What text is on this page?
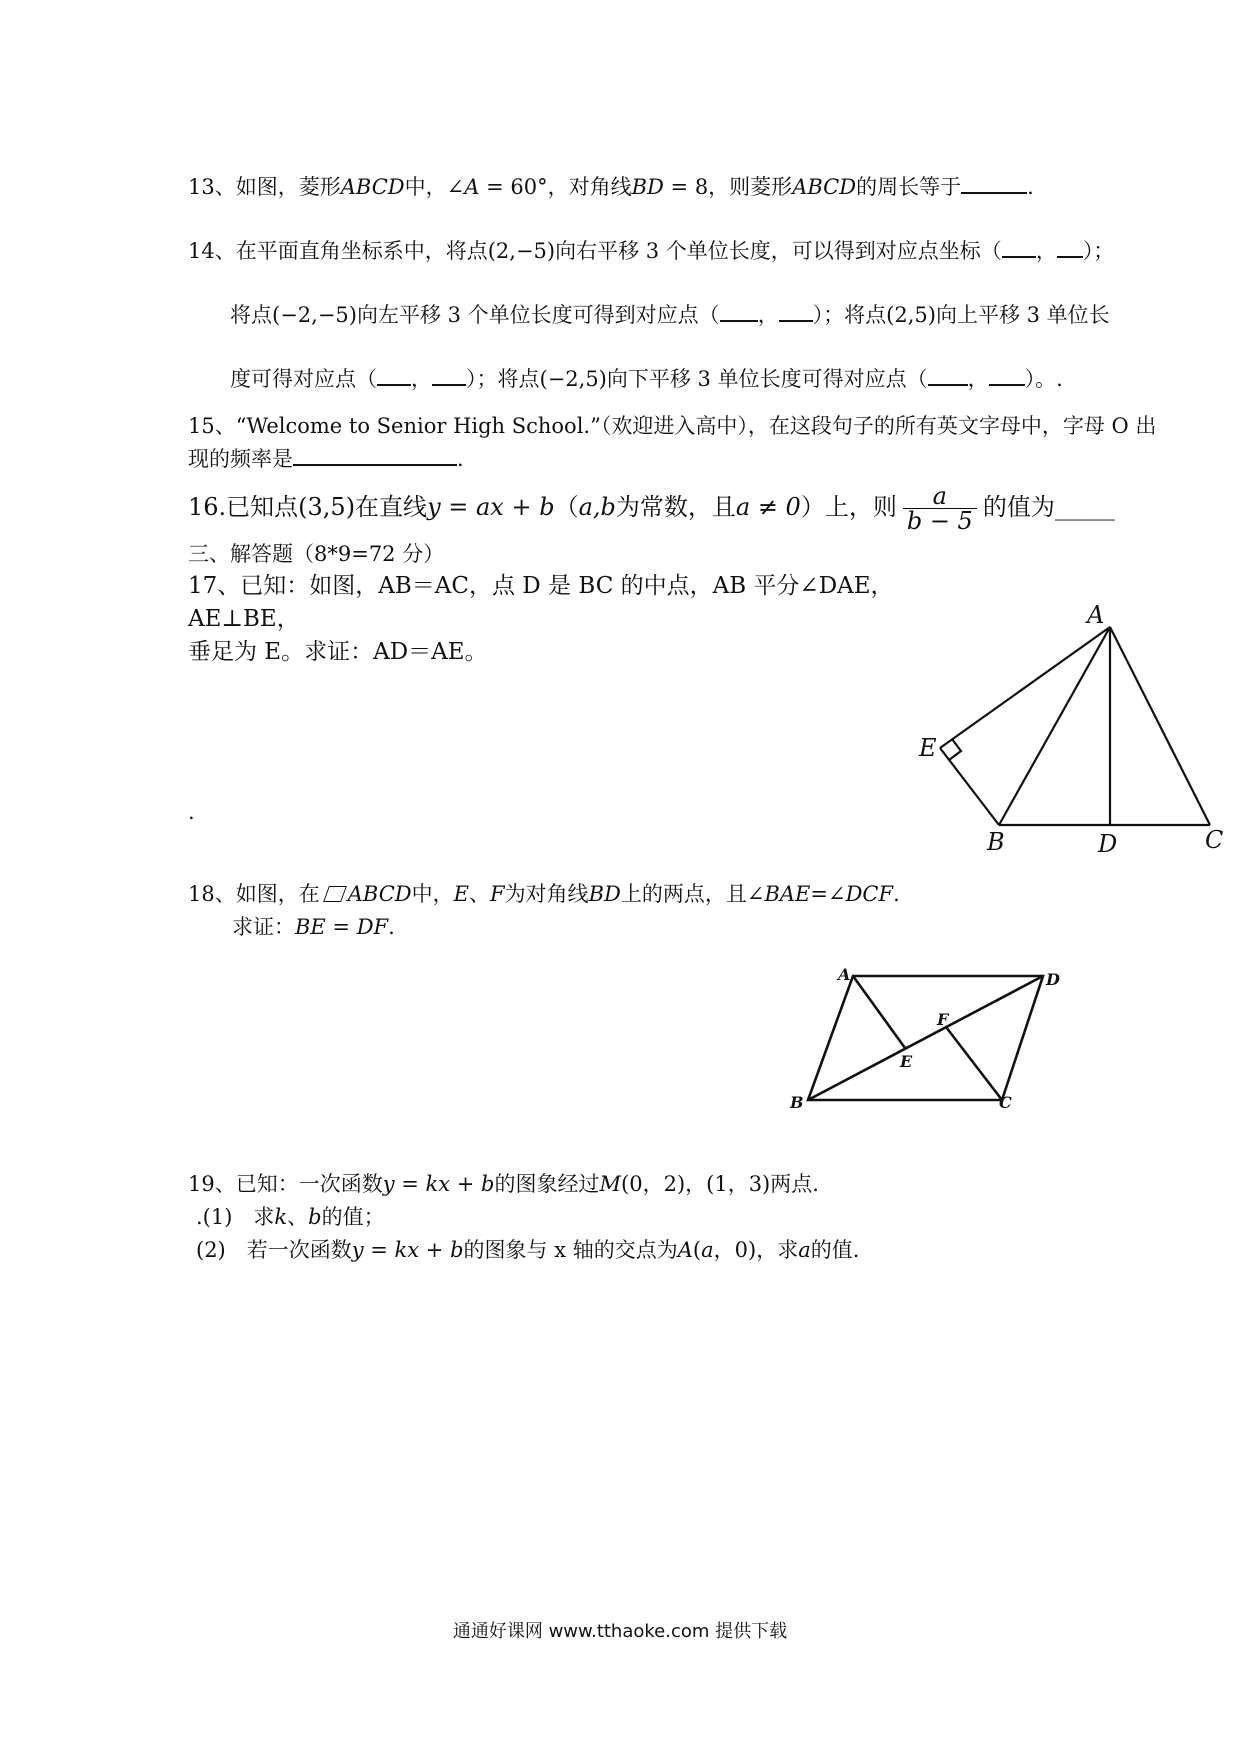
13、如图，菱形ABCD中，∠A = 60°，对角线BD = 8，则菱形ABCD的周长等于	.
14、在平面直角坐标系中，将点(2,−5)向右平移 3 个单位长度，可以得到对应点坐标（ ， ）；
将点(−2,−5)向左平移 3 个单位长度可得到对应点（ ， ）；将点(2,5)向上平移 3 单位长
度可得对应点（ ， ）；将点(−2,5)向下平移 3 单位长度可得对应点（ ， ）。.
15、“Welcome to Senior High School.”（欢迎进入高中），在这段句子的所有英文字母中，字母 O 出
现的频率是	.
16.已知点(3,5)在直线y = ax + b（a,b为常数，且a ≠ 0）上，则 $\frac{a}{b - 5}$ 的值为_____
三、解答题（8*9=72 分）
17、已知：如图，AB＝AC，点 D 是 BC 的中点，AB 平分∠DAE，
AE⊥BE，
垂足为 E。求证：AD＝AE。
.
A
B	D	C
E
18、如图，在 ABCD中，E、F为对角线BD上的两点，且∠BAE=∠DCF.
求证：BE = DF.
A	D
F
E
B	C
19、已知：一次函数y = kx + b的图象经过M(0，2)，(1，3)两点.
.(1)　求k、b的值；
(2)　若一次函数y = kx + b的图象与 x 轴的交点为A(a，0)，求a的值.
通通好课网 www.tthaoke.com 提供下载
